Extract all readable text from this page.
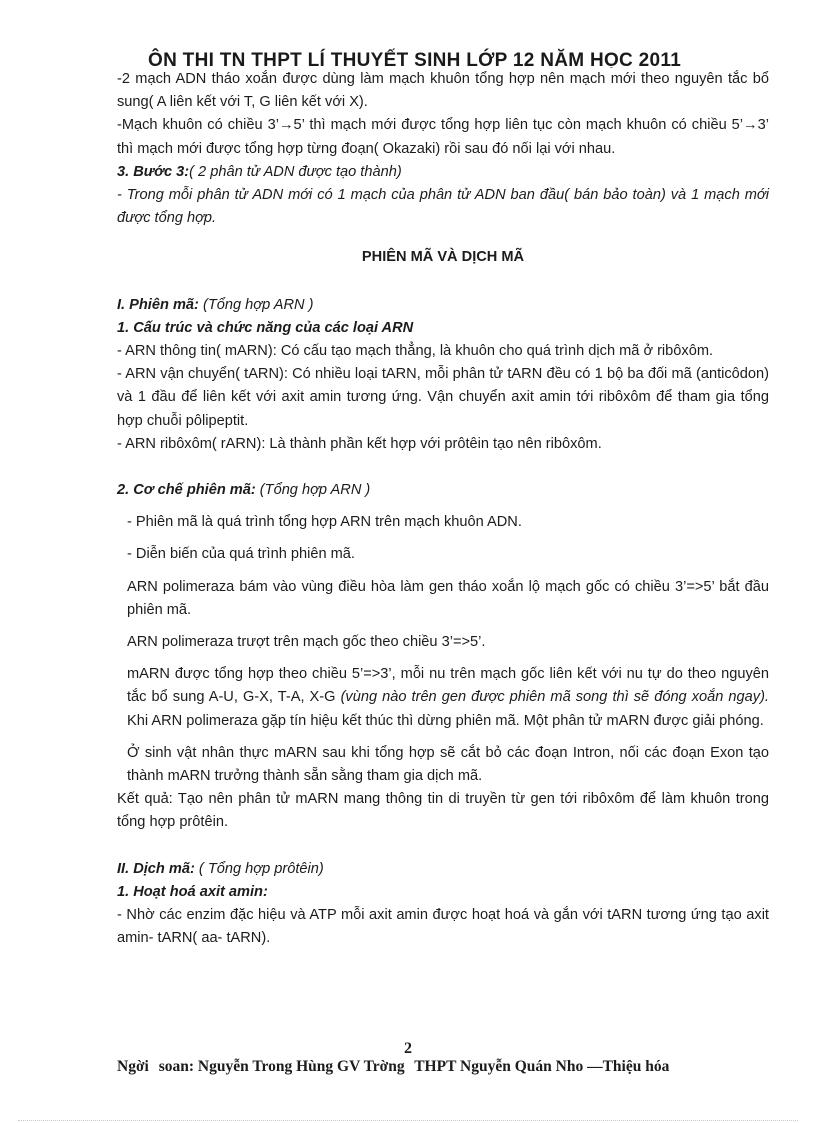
ÔN THI TN THPT LÍ THUYẾT SINH LỚP 12 NĂM HỌC 2011

-2 mạch ADN tháo xoắn được dùng làm mạch khuôn tổng hợp nên mạch mới theo nguyên tắc bổ sung( A liên kết với T, G liên kết với X).

-Mạch khuôn có chiều 3’→5’ thì mạch mới được tổng hợp liên tục còn mạch khuôn có chiều 5’→3’ thì mạch mới được tổng hợp từng đoạn( Okazaki) rồi sau đó nối lại với nhau.

3. Bước 3:( 2 phân tử ADN được tạo thành)

- Trong mỗi phân tử ADN mới có 1 mạch của phân tử ADN ban đầu( bán bảo toàn) và 1 mạch mới được tổng hợp.

PHIÊN MÃ VÀ DỊCH MÃ

I. Phiên mã: (Tổng hợp ARN )

1. Cấu trúc và chức năng của các loại ARN

- ARN thông tin( mARN): Có cấu tạo mạch thẳng, là khuôn cho quá trình dịch mã ở ribôxôm.

- ARN vận chuyển( tARN): Có nhiều loại tARN, mỗi phân tử tARN đều có 1 bộ ba đối mã (anticôdon) và 1 đầu để liên kết với axit amin tương ứng. Vận chuyển axit amin tới ribôxôm để tham gia tổng hợp chuỗi pôlipeptit.

- ARN ribôxôm( rARN): Là thành phần kết hợp với prôtêin tạo nên ribôxôm.

2. Cơ chế phiên mã: (Tổng hợp ARN )

- Phiên mã là quá trình tổng hợp ARN trên mạch khuôn ADN.

- Diễn biến của quá trình phiên mã.

ARN polimeraza bám vào vùng điều hòa làm gen tháo xoắn lộ mạch gốc có chiều 3’=>5’ bắt đầu phiên mã.

ARN polimeraza trượt trên mạch gốc theo chiều 3’=>5’.

mARN được tổng hợp theo chiều 5’=>3’, mỗi nu trên mạch gốc liên kết với nu tự do theo nguyên tắc bổ sung A-U, G-X, T-A, X-G (vùng nào trên gen được phiên mã song thì sẽ đóng xoắn ngay). Khi ARN polimeraza gặp tín hiệu kết thúc thì dừng phiên mã. Một phân tử mARN được giải phóng.

Ở sinh vật nhân thực mARN sau khi tổng hợp sẽ cắt bỏ các đoạn Intron, nối các đoạn Exon tạo thành mARN trưởng thành sẵn sằng tham gia dịch mã.

Kết quả: Tạo nên phân tử mARN mang thông tin di truyền từ gen tới ribôxôm để làm khuôn trong tổng hợp prôtêin.

II. Dịch mã: ( Tổng hợp prôtêin)

1. Hoạt hoá axit amin:

- Nhờ các enzim đặc hiệu và ATP mỗi axit amin được hoạt hoá và gắn với tARN tương ứng tạo axit amin- tARN( aa- tARN).

2
Ngời soan: Nguyễn Trong Hùng GV Trờng THPT Nguyễn Quán Nho —Thiệu hóa
